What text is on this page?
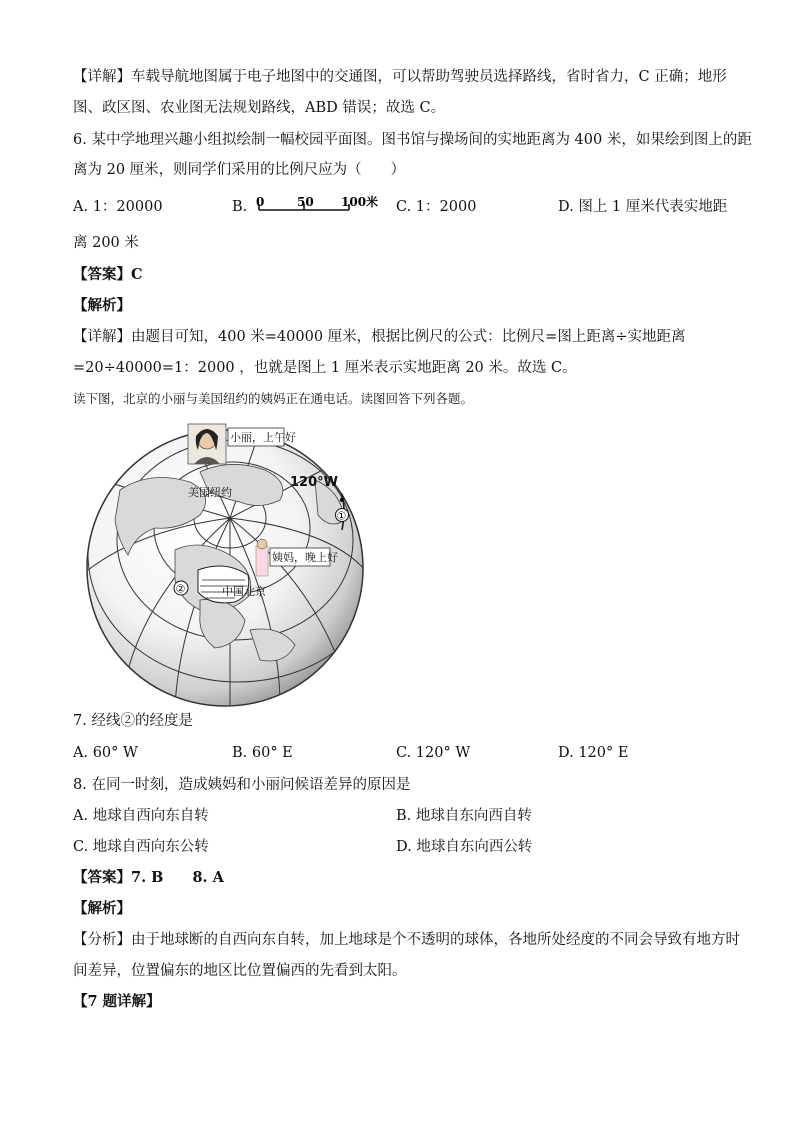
【详解】车载导航地图属于电子地图中的交通图，可以帮助驾驶员选择路线，省时省力，C 正确；地形
图、政区图、农业图无法规划路线，ABD 错误；故选 C。
6. 某中学地理兴趣小组拟绘制一幅校园平面图。图书馆与操场间的实地距离为 400 米，如果绘到图上的距
离为 20 厘米，则同学们采用的比例尺应为（　　）
A. 1：20000	B. 0	50 100米 C. 1：2000	D. 图上 1 厘米代表实地距
离 200 米
【答案】C
【解析】
【详解】由题目可知，400 米=40000 厘米，根据比例尺的公式：比例尺=图上距离÷实地距离
=20÷40000=1：2000 ，也就是图上 1 厘米表示实地距离 20 米。故选 C。
读下图，北京的小丽与美国纽约的姨妈正在通电话。读图回答下列各题。
小丽，上午好
美国纽约
120°W
①
姨妈，晚上好
中国北京
②
7. 经线②的经度是
A. 60° W	B. 60° E	C. 120° W	D. 120° E
8. 在同一时刻，造成姨妈和小丽问候语差异的原因是
A. 地球自西向东自转	B. 地球自东向西自转
C. 地球自西向东公转	D. 地球自东向西公转
【答案】7. B　　8. A
【解析】
【分析】由于地球断的自西向东自转，加上地球是个不透明的球体，各地所处经度的不同会导致有地方时
间差异，位置偏东的地区比位置偏西的先看到太阳。
【7 题详解】
